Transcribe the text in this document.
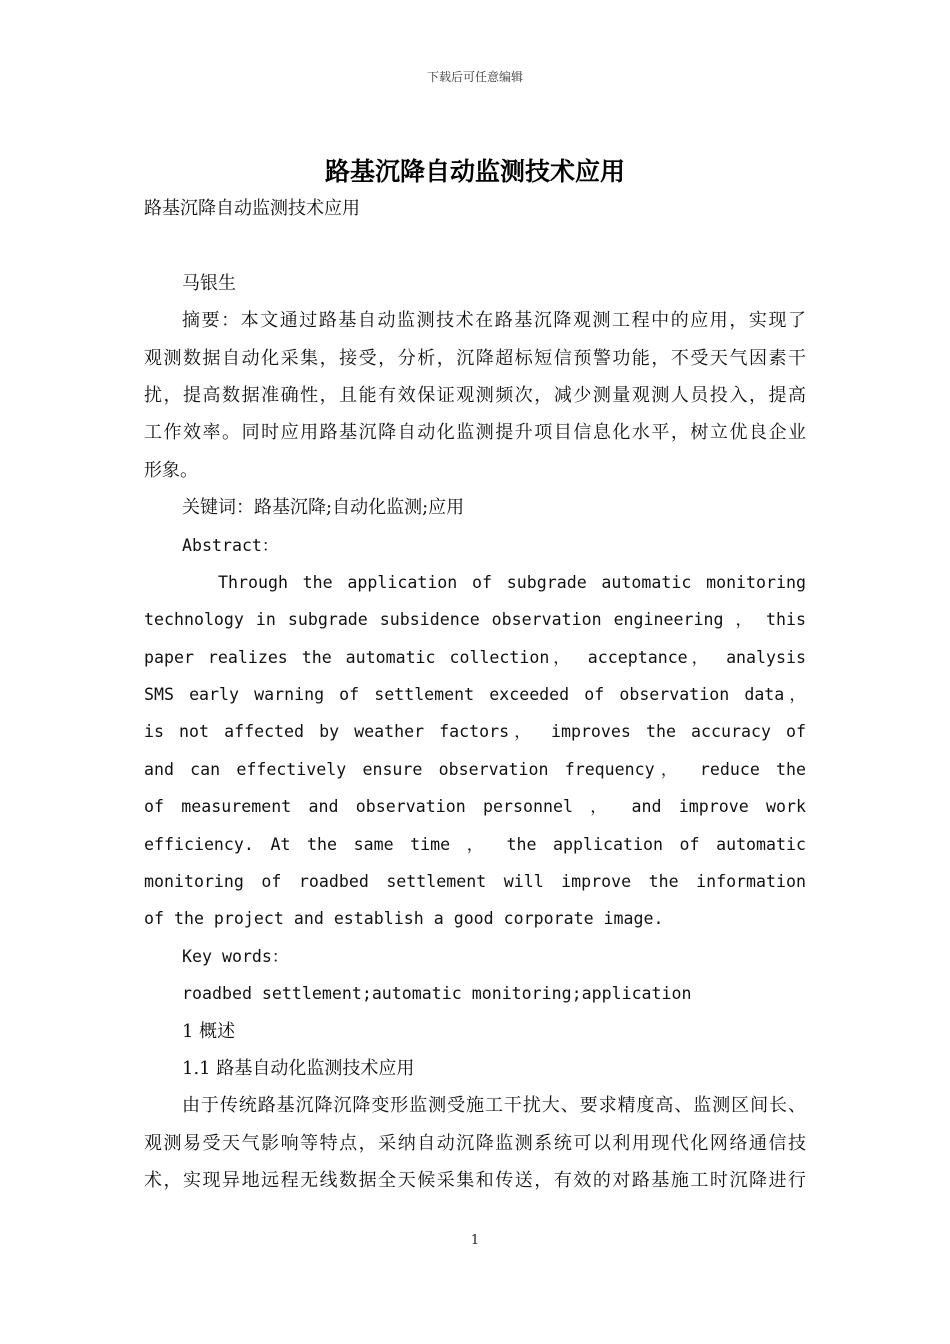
下载后可任意编辑
路基沉降自动监测技术应用
路基沉降自动监测技术应用
马银生
摘要：本文通过路基自动监测技术在路基沉降观测工程中的应用，实现了
观测数据自动化采集，接受，分析，沉降超标短信预警功能，不受天气因素干
扰，提高数据准确性，且能有效保证观测频次，减少测量观测人员投入，提高
工作效率。同时应用路基沉降自动化监测提升项目信息化水平，树立优良企业
形象。
关键词：路基沉降;自动化监测;应用
Abstract：
Through the application of subgrade automatic monitoring
technology in subgrade subsidence observation engineering ， this
paper realizes the automatic collection， acceptance， analysis
SMS early warning of settlement exceeded of observation data，
is not affected by weather factors， improves the accuracy of
and can effectively ensure observation frequency， reduce the
of measurement and observation personnel ， and improve work
efficiency. At the same time ， the application of automatic
monitoring of roadbed settlement will improve the information
of the project and establish a good corporate image.
Key words：
roadbed settlement;automatic monitoring;application
1 概述
1.1 路基自动化监测技术应用
由于传统路基沉降沉降变形监测受施工干扰大、要求精度高、监测区间长、
观测易受天气影响等特点，采纳自动沉降监测系统可以利用现代化网络通信技
术，实现异地远程无线数据全天候采集和传送，有效的对路基施工时沉降进行
1
